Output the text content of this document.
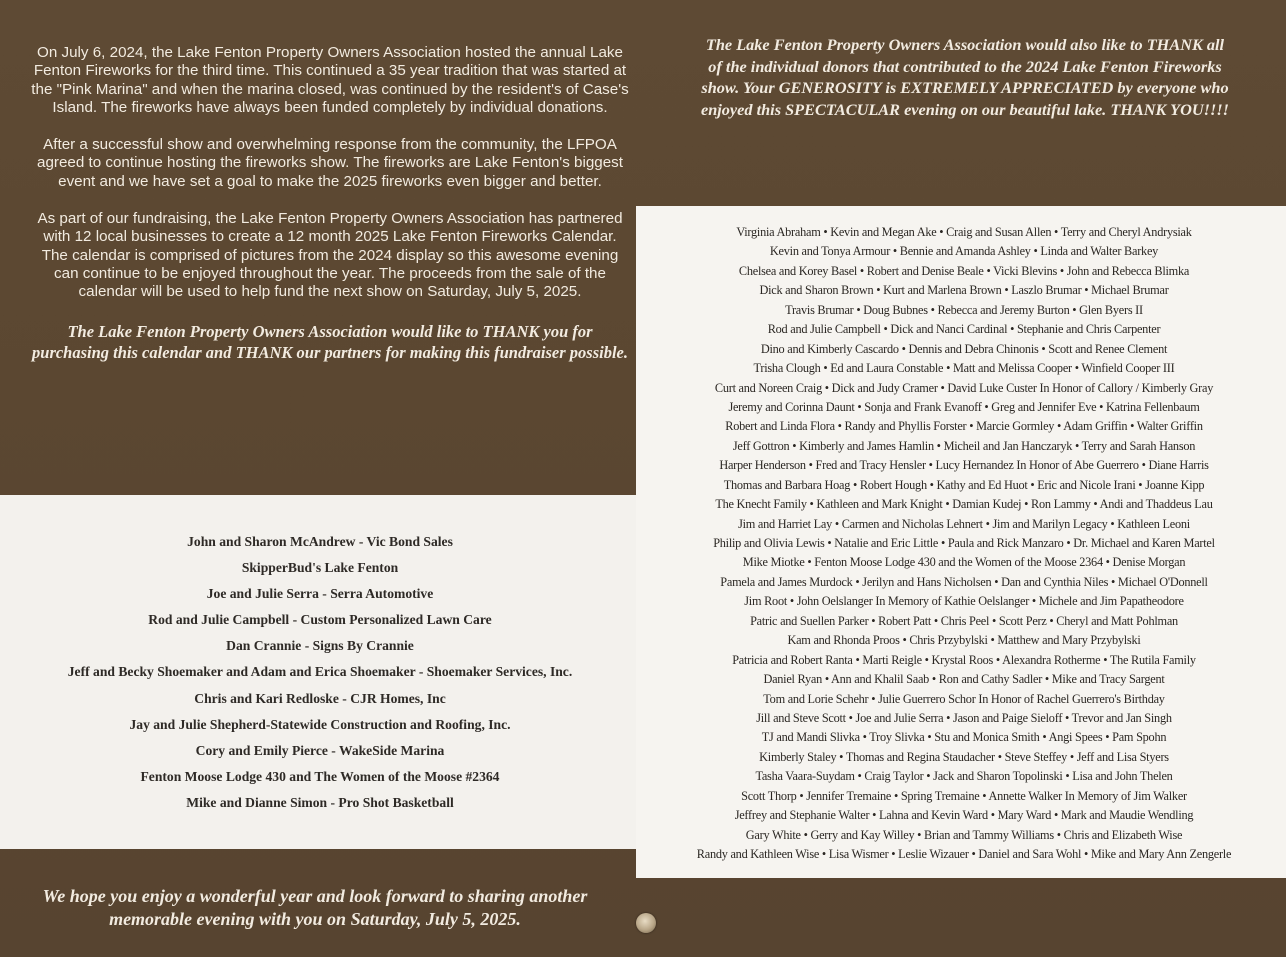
On July 6, 2024, the Lake Fenton Property Owners Association hosted the annual Lake Fenton Fireworks for the third time. This continued a 35 year tradition that was started at the "Pink Marina" and when the marina closed, was continued by the resident's of Case's Island. The fireworks have always been funded completely by individual donations.

After a successful show and overwhelming response from the community, the LFPOA agreed to continue hosting the fireworks show. The fireworks are Lake Fenton's biggest event and we have set a goal to make the 2025 fireworks even bigger and better.

As part of our fundraising, the Lake Fenton Property Owners Association has partnered with 12 local businesses to create a 12 month 2025 Lake Fenton Fireworks Calendar. The calendar is comprised of pictures from the 2024 display so this awesome evening can continue to be enjoyed throughout the year. The proceeds from the sale of the calendar will be used to help fund the next show on Saturday, July 5, 2025.

The Lake Fenton Property Owners Association would like to THANK you for purchasing this calendar and THANK our partners for making this fundraiser possible.

The Lake Fenton Property Owners Association would also like to THANK all of the individual donors that contributed to the 2024 Lake Fenton Fireworks show. Your GENEROSITY is EXTREMELY APPRECIATED by everyone who enjoyed this SPECTACULAR evening on our beautiful lake. THANK YOU!!!!
John and Sharon McAndrew - Vic Bond Sales
SkipperBud's Lake Fenton
Joe and Julie Serra - Serra Automotive
Rod and Julie Campbell - Custom Personalized Lawn Care
Dan Crannie - Signs By Crannie
Jeff and Becky Shoemaker and Adam and Erica Shoemaker - Shoemaker Services, Inc.
Chris and Kari Redloske - CJR Homes, Inc
Jay and Julie Shepherd-Statewide Construction and Roofing, Inc.
Cory and Emily Pierce - WakeSide Marina
Fenton Moose Lodge 430 and The Women of the Moose #2364
Mike and Dianne Simon - Pro Shot Basketball
Virginia Abraham • Kevin and Megan Ake • Craig and Susan Allen • Terry and Cheryl Andrysiak
Kevin and Tonya Armour • Bennie and Amanda Ashley • Linda and Walter Barkey
Chelsea and Korey Basel • Robert and Denise Beale • Vicki Blevins • John and Rebecca Blimka
Dick and Sharon Brown • Kurt and Marlena Brown • Laszlo Brumar • Michael Brumar
Travis Brumar • Doug Bubnes • Rebecca and Jeremy Burton • Glen Byers II
Rod and Julie Campbell • Dick and Nanci Cardinal • Stephanie and Chris Carpenter
Dino and Kimberly Cascardo • Dennis and Debra Chinonis • Scott and Renee Clement
Trisha Clough • Ed and Laura Constable • Matt and Melissa Cooper • Winfield Cooper III
Curt and Noreen Craig • Dick and Judy Cramer • David Luke Custer In Honor of Callory / Kimberly Gray
Jeremy and Corinna Daunt • Sonja and Frank Evanoff • Greg and Jennifer Eve • Katrina Fellenbaum
Robert and Linda Flora • Randy and Phyllis Forster • Marcie Gormley • Adam Griffin • Walter Griffin
Jeff Gottron • Kimberly and James Hamlin • Micheil and Jan Hanczaryk • Terry and Sarah Hanson
Harper Henderson • Fred and Tracy Hensler • Lucy Hernandez In Honor of Abe Guerrero • Diane Harris
Thomas and Barbara Hoag • Robert Hough • Kathy and Ed Huot • Eric and Nicole Irani • Joanne Kipp
The Knecht Family • Kathleen and Mark Knight • Damian Kudej • Ron Lammy • Andi and Thaddeus Lau
Jim and Harriet Lay • Carmen and Nicholas Lehnert • Jim and Marilyn Legacy • Kathleen Leoni
Philip and Olivia Lewis • Natalie and Eric Little • Paula and Rick Manzaro • Dr. Michael and Karen Martel
Mike Miotke • Fenton Moose Lodge 430 and the Women of the Moose 2364 • Denise Morgan
Pamela and James Murdock • Jerilyn and Hans Nicholsen • Dan and Cynthia Niles • Michael O'Donnell
Jim Root • John Oelslanger In Memory of Kathie Oelslanger • Michele and Jim Papatheodore
Patric and Suellen Parker • Robert Patt • Chris Peel • Scott Perz • Cheryl and Matt Pohlman
Kam and Rhonda Proos • Chris Przybylski • Matthew and Mary Przybylski
Patricia and Robert Ranta • Marti Reigle • Krystal Roos • Alexandra Rotherme • The Rutila Family
Daniel Ryan • Ann and Khalil Saab • Ron and Cathy Sadler • Mike and Tracy Sargent
Tom and Lorie Schehr • Julie Guerrero Schor In Honor of Rachel Guerrero's Birthday
Jill and Steve Scott • Joe and Julie Serra • Jason and Paige Sieloff • Trevor and Jan Singh
TJ and Mandi Slivka • Troy Slivka • Stu and Monica Smith • Angi Spees • Pam Spohn
Kimberly Staley • Thomas and Regina Staudacher • Steve Steffey • Jeff and Lisa Styers
Tasha Vaara-Suydam • Craig Taylor • Jack and Sharon Topolinski • Lisa and John Thelen
Scott Thorp • Jennifer Tremaine • Spring Tremaine • Annette Walker In Memory of Jim Walker
Jeffrey and Stephanie Walter • Lahna and Kevin Ward • Mary Ward • Mark and Maudie Wendling
Gary White • Gerry and Kay Willey • Brian and Tammy Williams • Chris and Elizabeth Wise
Randy and Kathleen Wise • Lisa Wismer • Leslie Wizauer • Daniel and Sara Wohl • Mike and Mary Ann Zengerle
We hope you enjoy a wonderful year and look forward to sharing another memorable evening with you on Saturday, July 5, 2025.
